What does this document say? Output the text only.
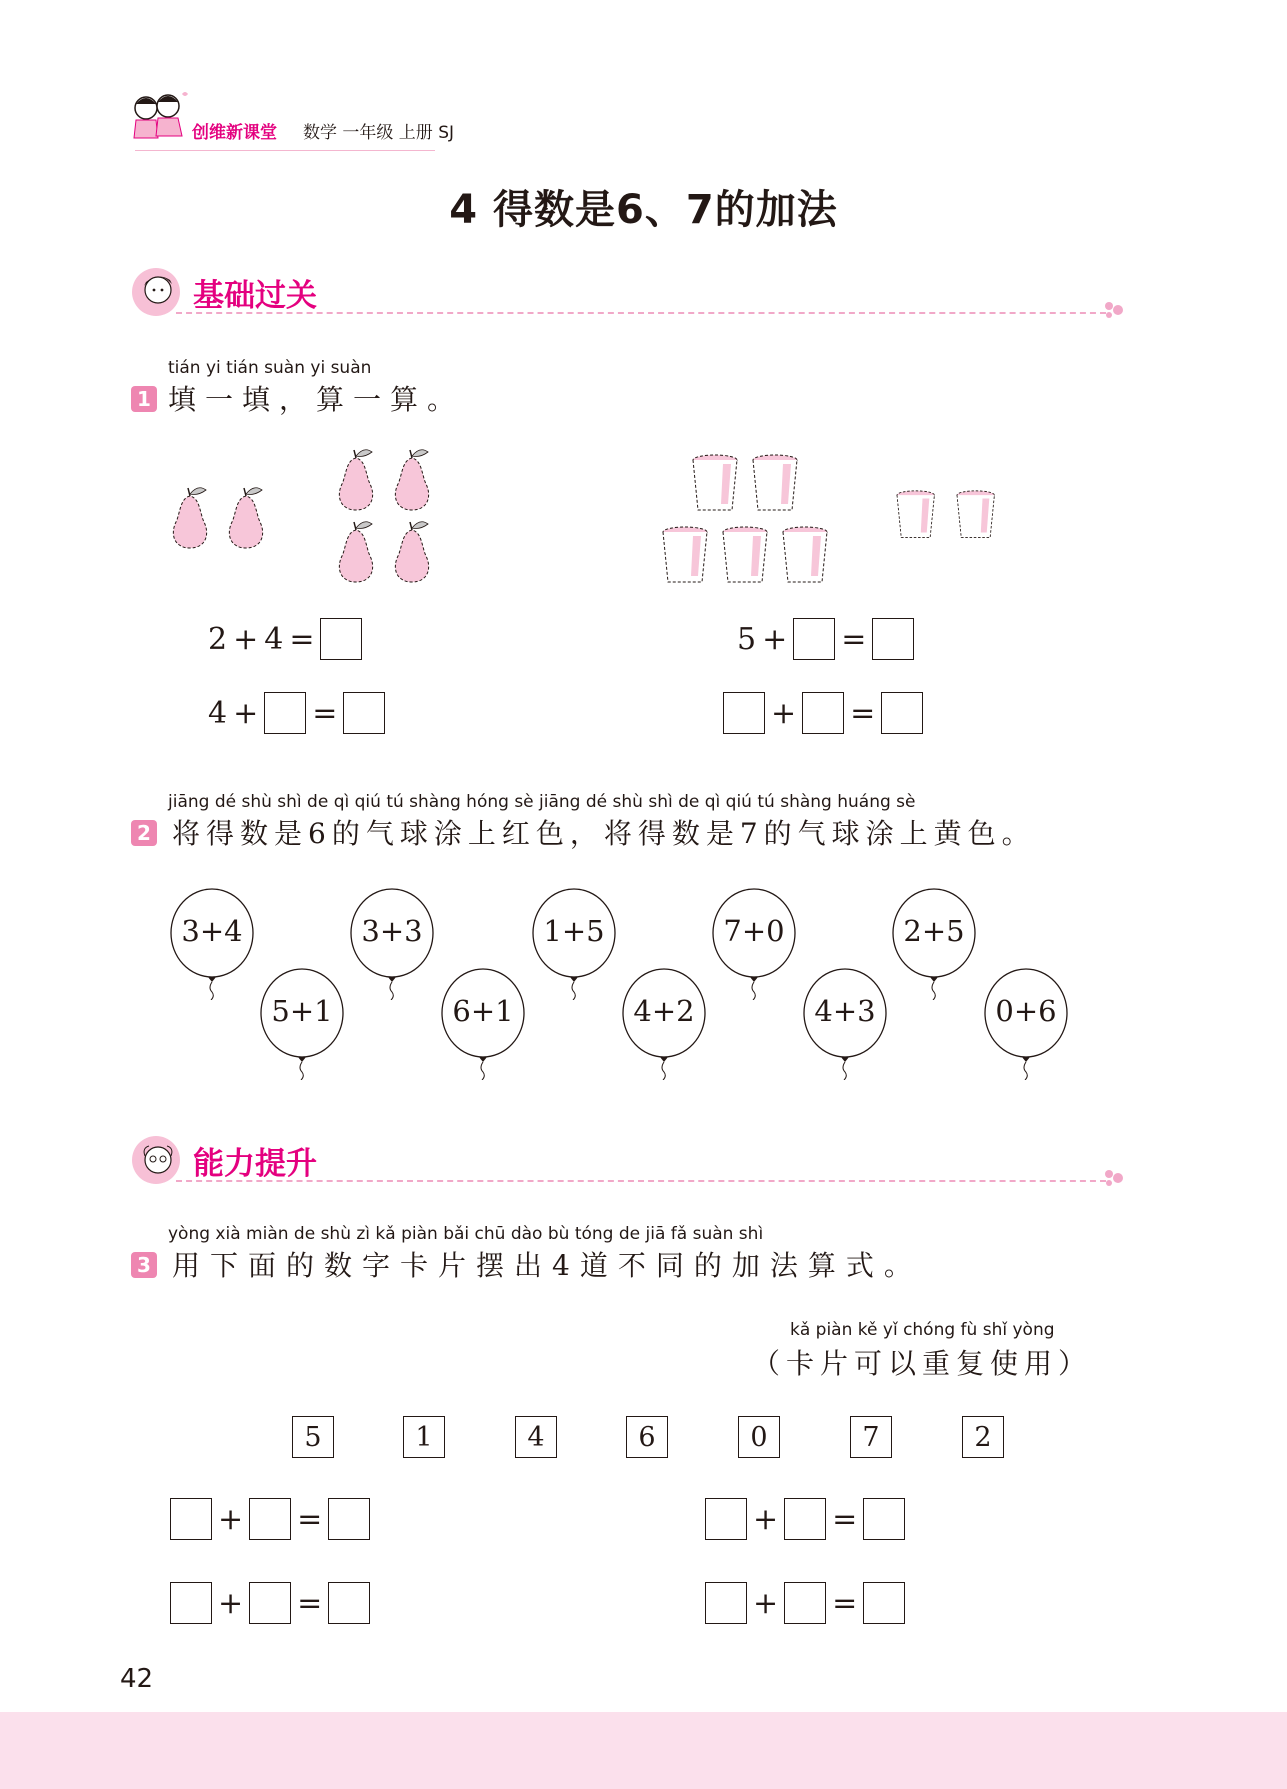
创维新课堂 数学 一年级 上册 SJ
4 得数是6、7的加法
基础过关
tián yi tián suàn yi suàn
1 填一填，算一算。
2 + 4 =
4 + =
5 + =
+ =
jiāng dé shù shì de qì qiú tú shàng hóng sè jiāng dé shù shì de qì qiú tú shàng huáng sè
2 将得数是6的气球涂上红色，将得数是7的气球涂上黄色。
3+4	3+3	1+5	7+0	2+5
5+1	6+1	4+2	4+3	0+6
能力提升
yòng xià miàn de shù zì kǎ piàn bǎi chū dào bù tóng de jiā fǎ suàn shì
3 用下面的数字卡片摆出4道不同的加法算式。
kǎ piàn kě yǐ chóng fù shǐ yòng
（卡片可以重复使用）
5	1	4	6	0	7	2
+ =	+ =
+ =	+ =
42
